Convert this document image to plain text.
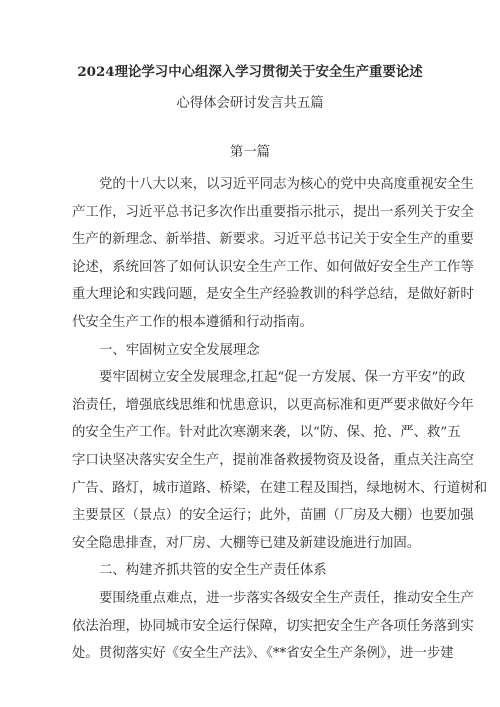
2024理论学习中心组深入学习贯彻关于安全生产重要论述
心得体会研讨发言共五篇
第一篇
党的十八大以来，以习近平同志为核心的党中央高度重视安全生
产工作，习近平总书记多次作出重要指示批示，提出一系列关于安全
生产的新理念、新举措、新要求。习近平总书记关于安全生产的重要
论述，系统回答了如何认识安全生产工作、如何做好安全生产工作等
重大理论和实践问题，是安全生产经验教训的科学总结，是做好新时
代安全生产工作的根本遵循和行动指南。
一、牢固树立安全发展理念
要牢固树立安全发展理念,扛起“促一方发展、保一方平安”的政
治责任，增强底线思维和忧患意识，以更高标准和更严要求做好今年
的安全生产工作。针对此次寒潮来袭，以“防、保、抢、严、救”五
字口诀坚决落实安全生产，提前准备救援物资及设备，重点关注高空
广告、路灯，城市道路、桥梁，在建工程及围挡，绿地树木、行道树和
主要景区（景点）的安全运行；此外，苗圃（厂房及大棚）也要加强
安全隐患排查，对厂房、大棚等已建及新建设施进行加固。
二、构建齐抓共管的安全生产责任体系
要围绕重点难点，进一步落实各级安全生产责任，推动安全生产
依法治理，协同城市安全运行保障，切实把安全生产各项任务落到实
处。贯彻落实好《安全生产法》、《**省安全生产条例》，进一步建
